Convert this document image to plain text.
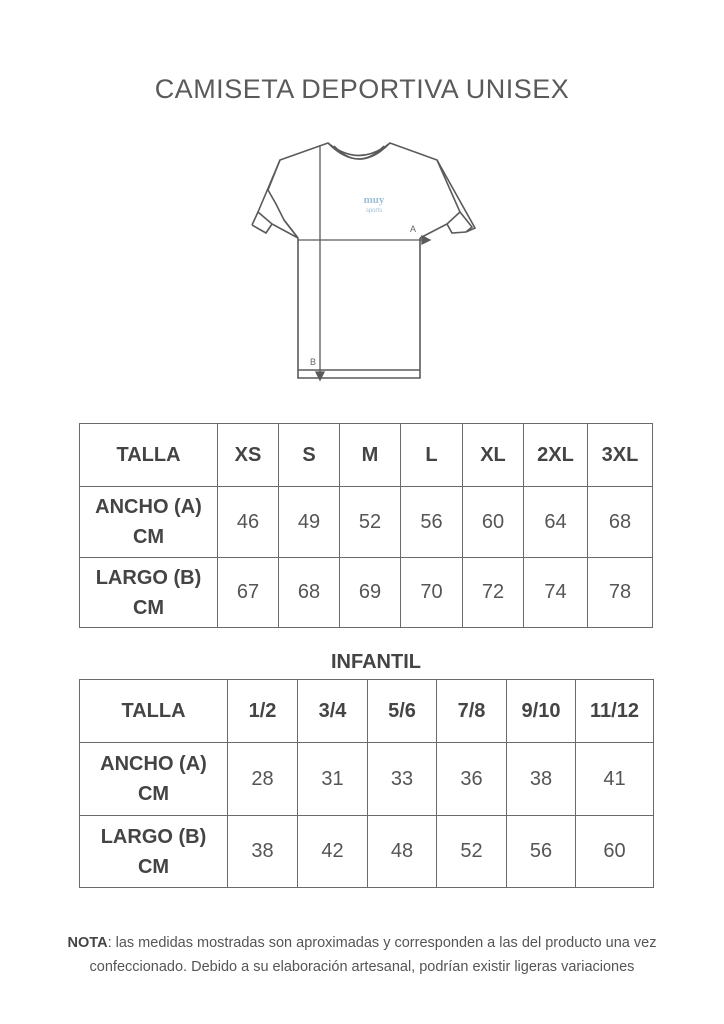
CAMISETA DEPORTIVA UNISEX
A
B
muy
sports
TALLA	XS	S	M	L	XL	2XL	3XL

ANCHO (A)
CM	46	49	52	56	60	64	68

LARGO (B)
CM	67	68	69	70	72	74	78
INFANTIL
TALLA	1/2	3/4	5/6	7/8	9/10	11/12

ANCHO (A)
CM	28	31	33	36	38	41

LARGO (B)
CM	38	42	48	52	56	60
NOTA: las medidas mostradas son aproximadas y corresponden a las del producto una vez
confeccionado. Debido a su elaboración artesanal, podrían existir ligeras variaciones
